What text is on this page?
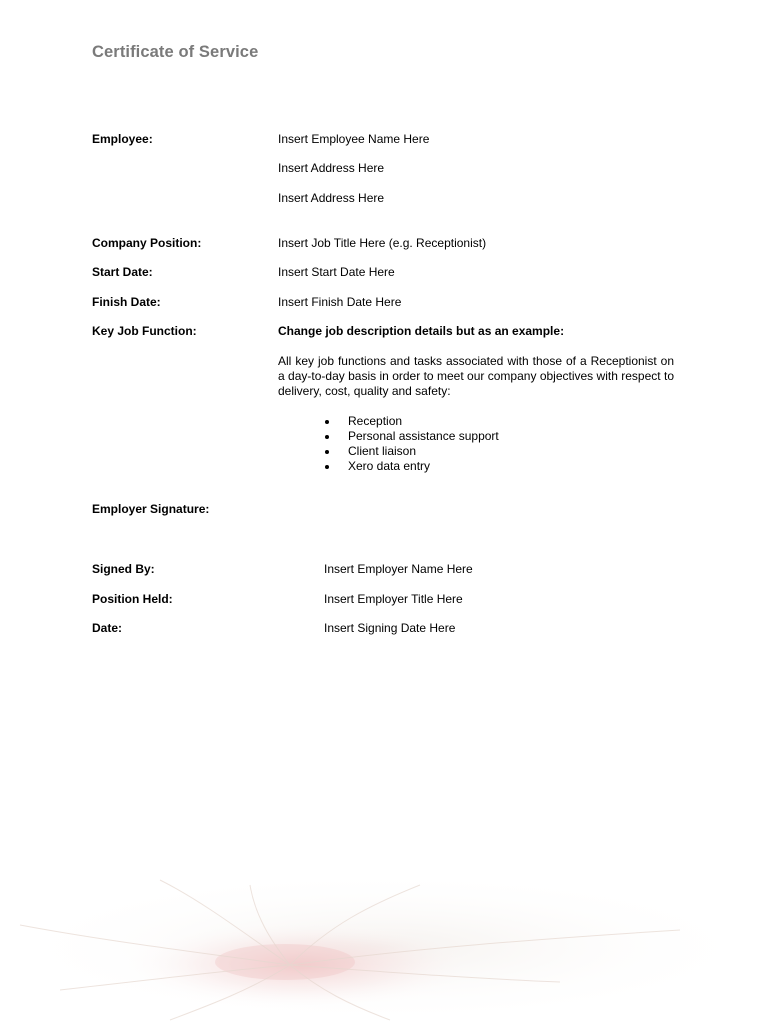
Certificate of Service
Employee:	Insert Employee Name Here
Insert Address Here
Insert Address Here
Company Position:	Insert Job Title Here (e.g. Receptionist)
Start Date:	Insert Start Date Here
Finish Date:	Insert Finish Date Here
Key Job Function:	Change job description details but as an example:
All key job functions and tasks associated with those of a Receptionist on a day-to-day basis in order to meet our company objectives with respect to delivery, cost, quality and safety:
Reception
Personal assistance support
Client liaison
Xero data entry
Employer Signature:
Signed By:	Insert Employer Name Here
Position Held:	Insert Employer Title Here
Date:	Insert Signing Date Here
